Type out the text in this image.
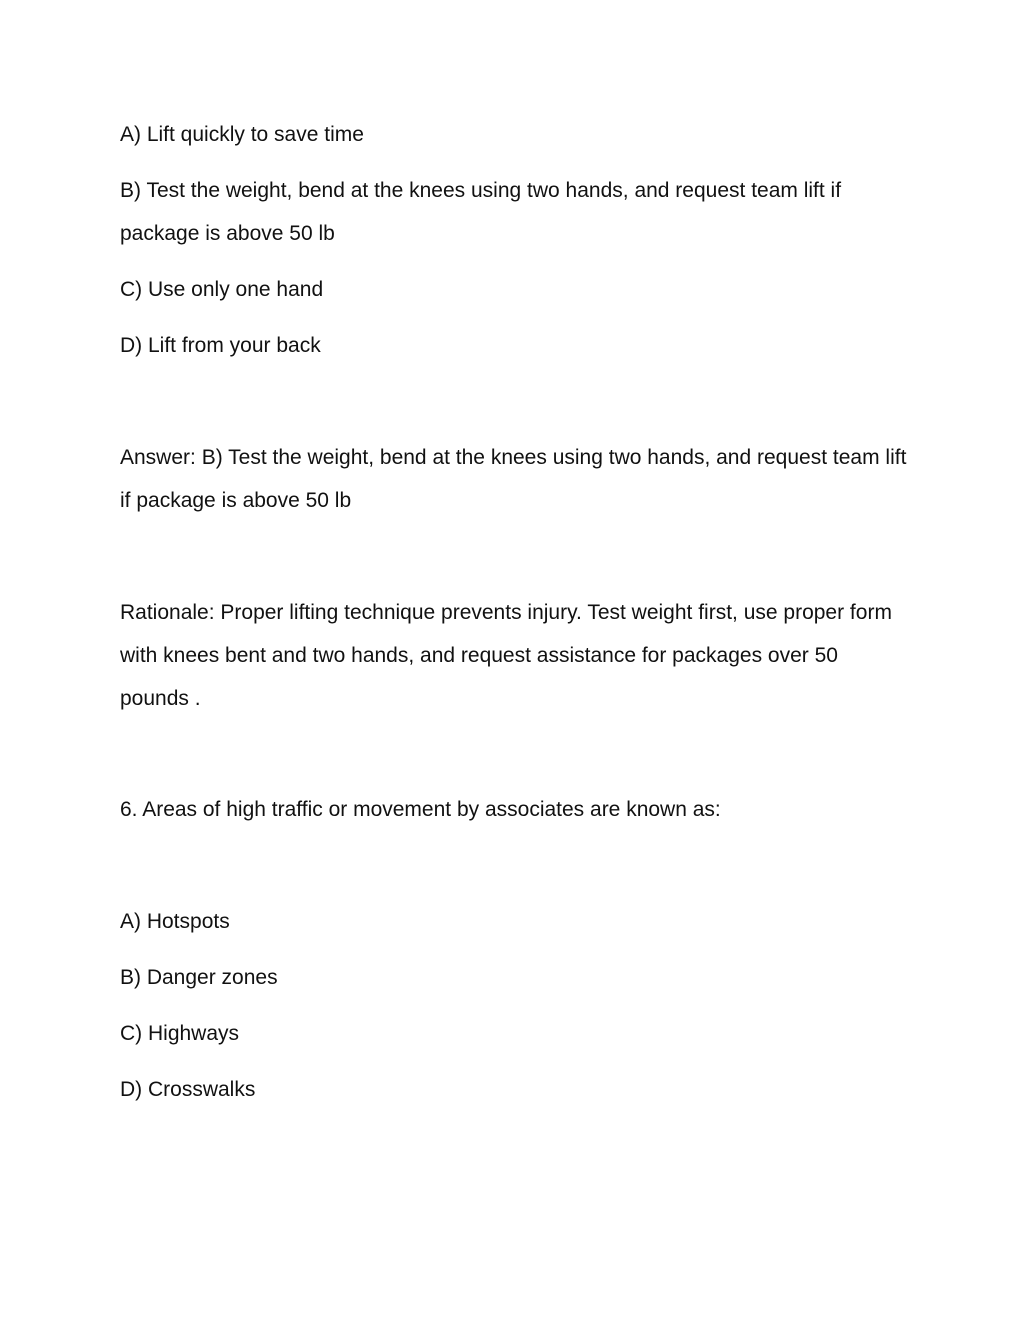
A) Lift quickly to save time

B) Test the weight, bend at the knees using two hands, and request team lift if package is above 50 lb

C) Use only one hand

D) Lift from your back

Answer: B) Test the weight, bend at the knees using two hands, and request team lift if package is above 50 lb

Rationale: Proper lifting technique prevents injury. Test weight first, use proper form with knees bent and two hands, and request assistance for packages over 50 pounds .

6. Areas of high traffic or movement by associates are known as:

A) Hotspots

B) Danger zones

C) Highways

D) Crosswalks
